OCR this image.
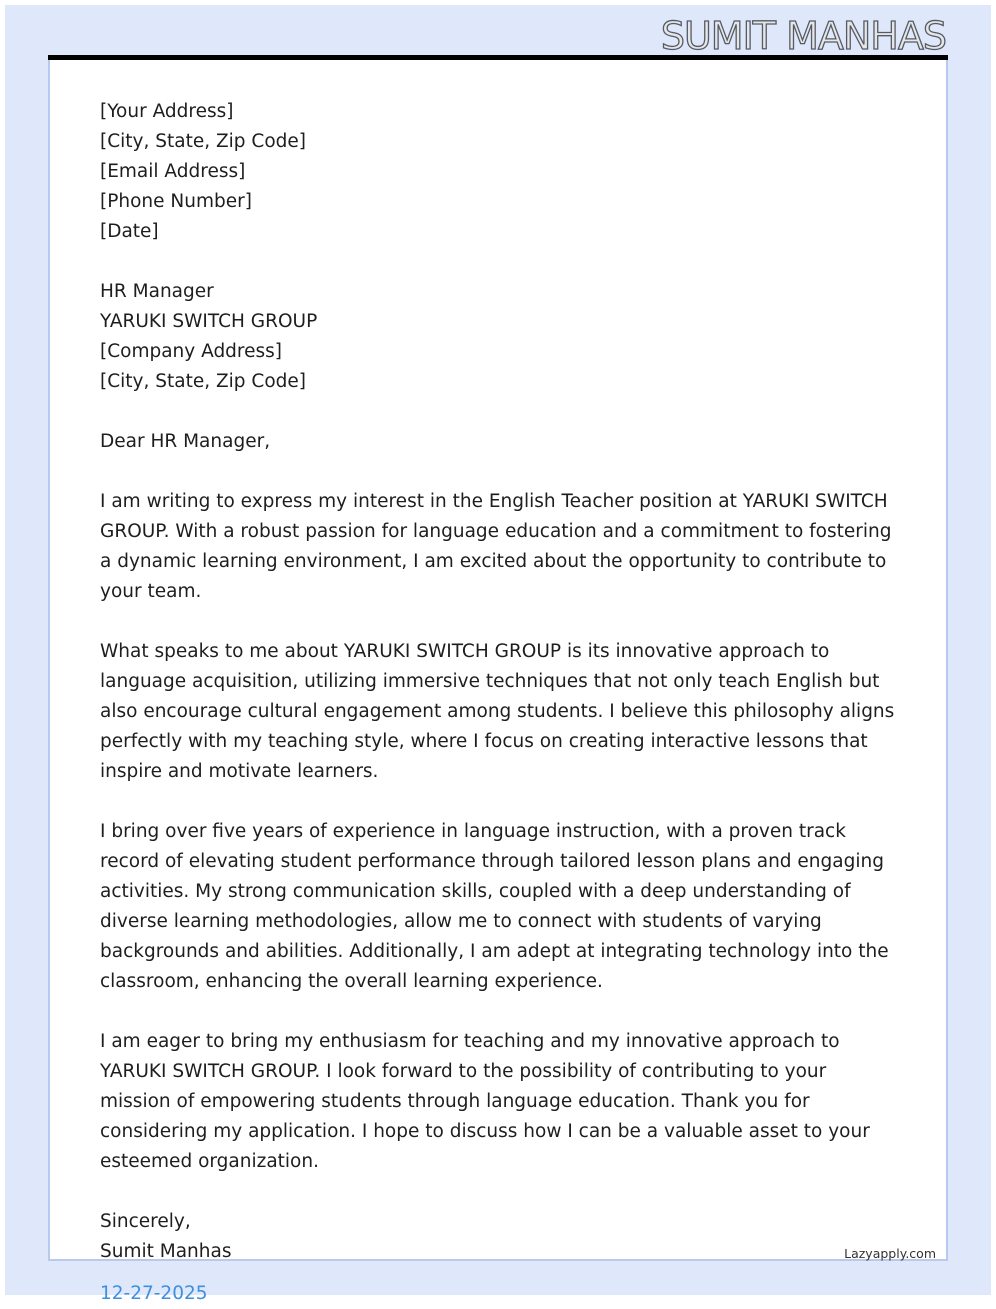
SUMIT MANHAS
[Your Address]
[City, State, Zip Code]
[Email Address]
[Phone Number]
[Date]
HR Manager
YARUKI SWITCH GROUP
[Company Address]
[City, State, Zip Code]

Dear HR Manager,

I am writing to express my interest in the English Teacher position at YARUKI SWITCH GROUP. With a robust passion for language education and a commitment to fostering a dynamic learning environment, I am excited about the opportunity to contribute to your team.

What speaks to me about YARUKI SWITCH GROUP is its innovative approach to language acquisition, utilizing immersive techniques that not only teach English but also encourage cultural engagement among students. I believe this philosophy aligns perfectly with my teaching style, where I focus on creating interactive lessons that inspire and motivate learners.

I bring over five years of experience in language instruction, with a proven track record of elevating student performance through tailored lesson plans and engaging activities. My strong communication skills, coupled with a deep understanding of diverse learning methodologies, allow me to connect with students of varying backgrounds and abilities. Additionally, I am adept at integrating technology into the classroom, enhancing the overall learning experience.

I am eager to bring my enthusiasm for teaching and my innovative approach to YARUKI SWITCH GROUP. I look forward to the possibility of contributing to your mission of empowering students through language education. Thank you for considering my application. I hope to discuss how I can be a valuable asset to your esteemed organization.

Sincerely,
Sumit Manhas	Lazyapply.com
12-27-2025
